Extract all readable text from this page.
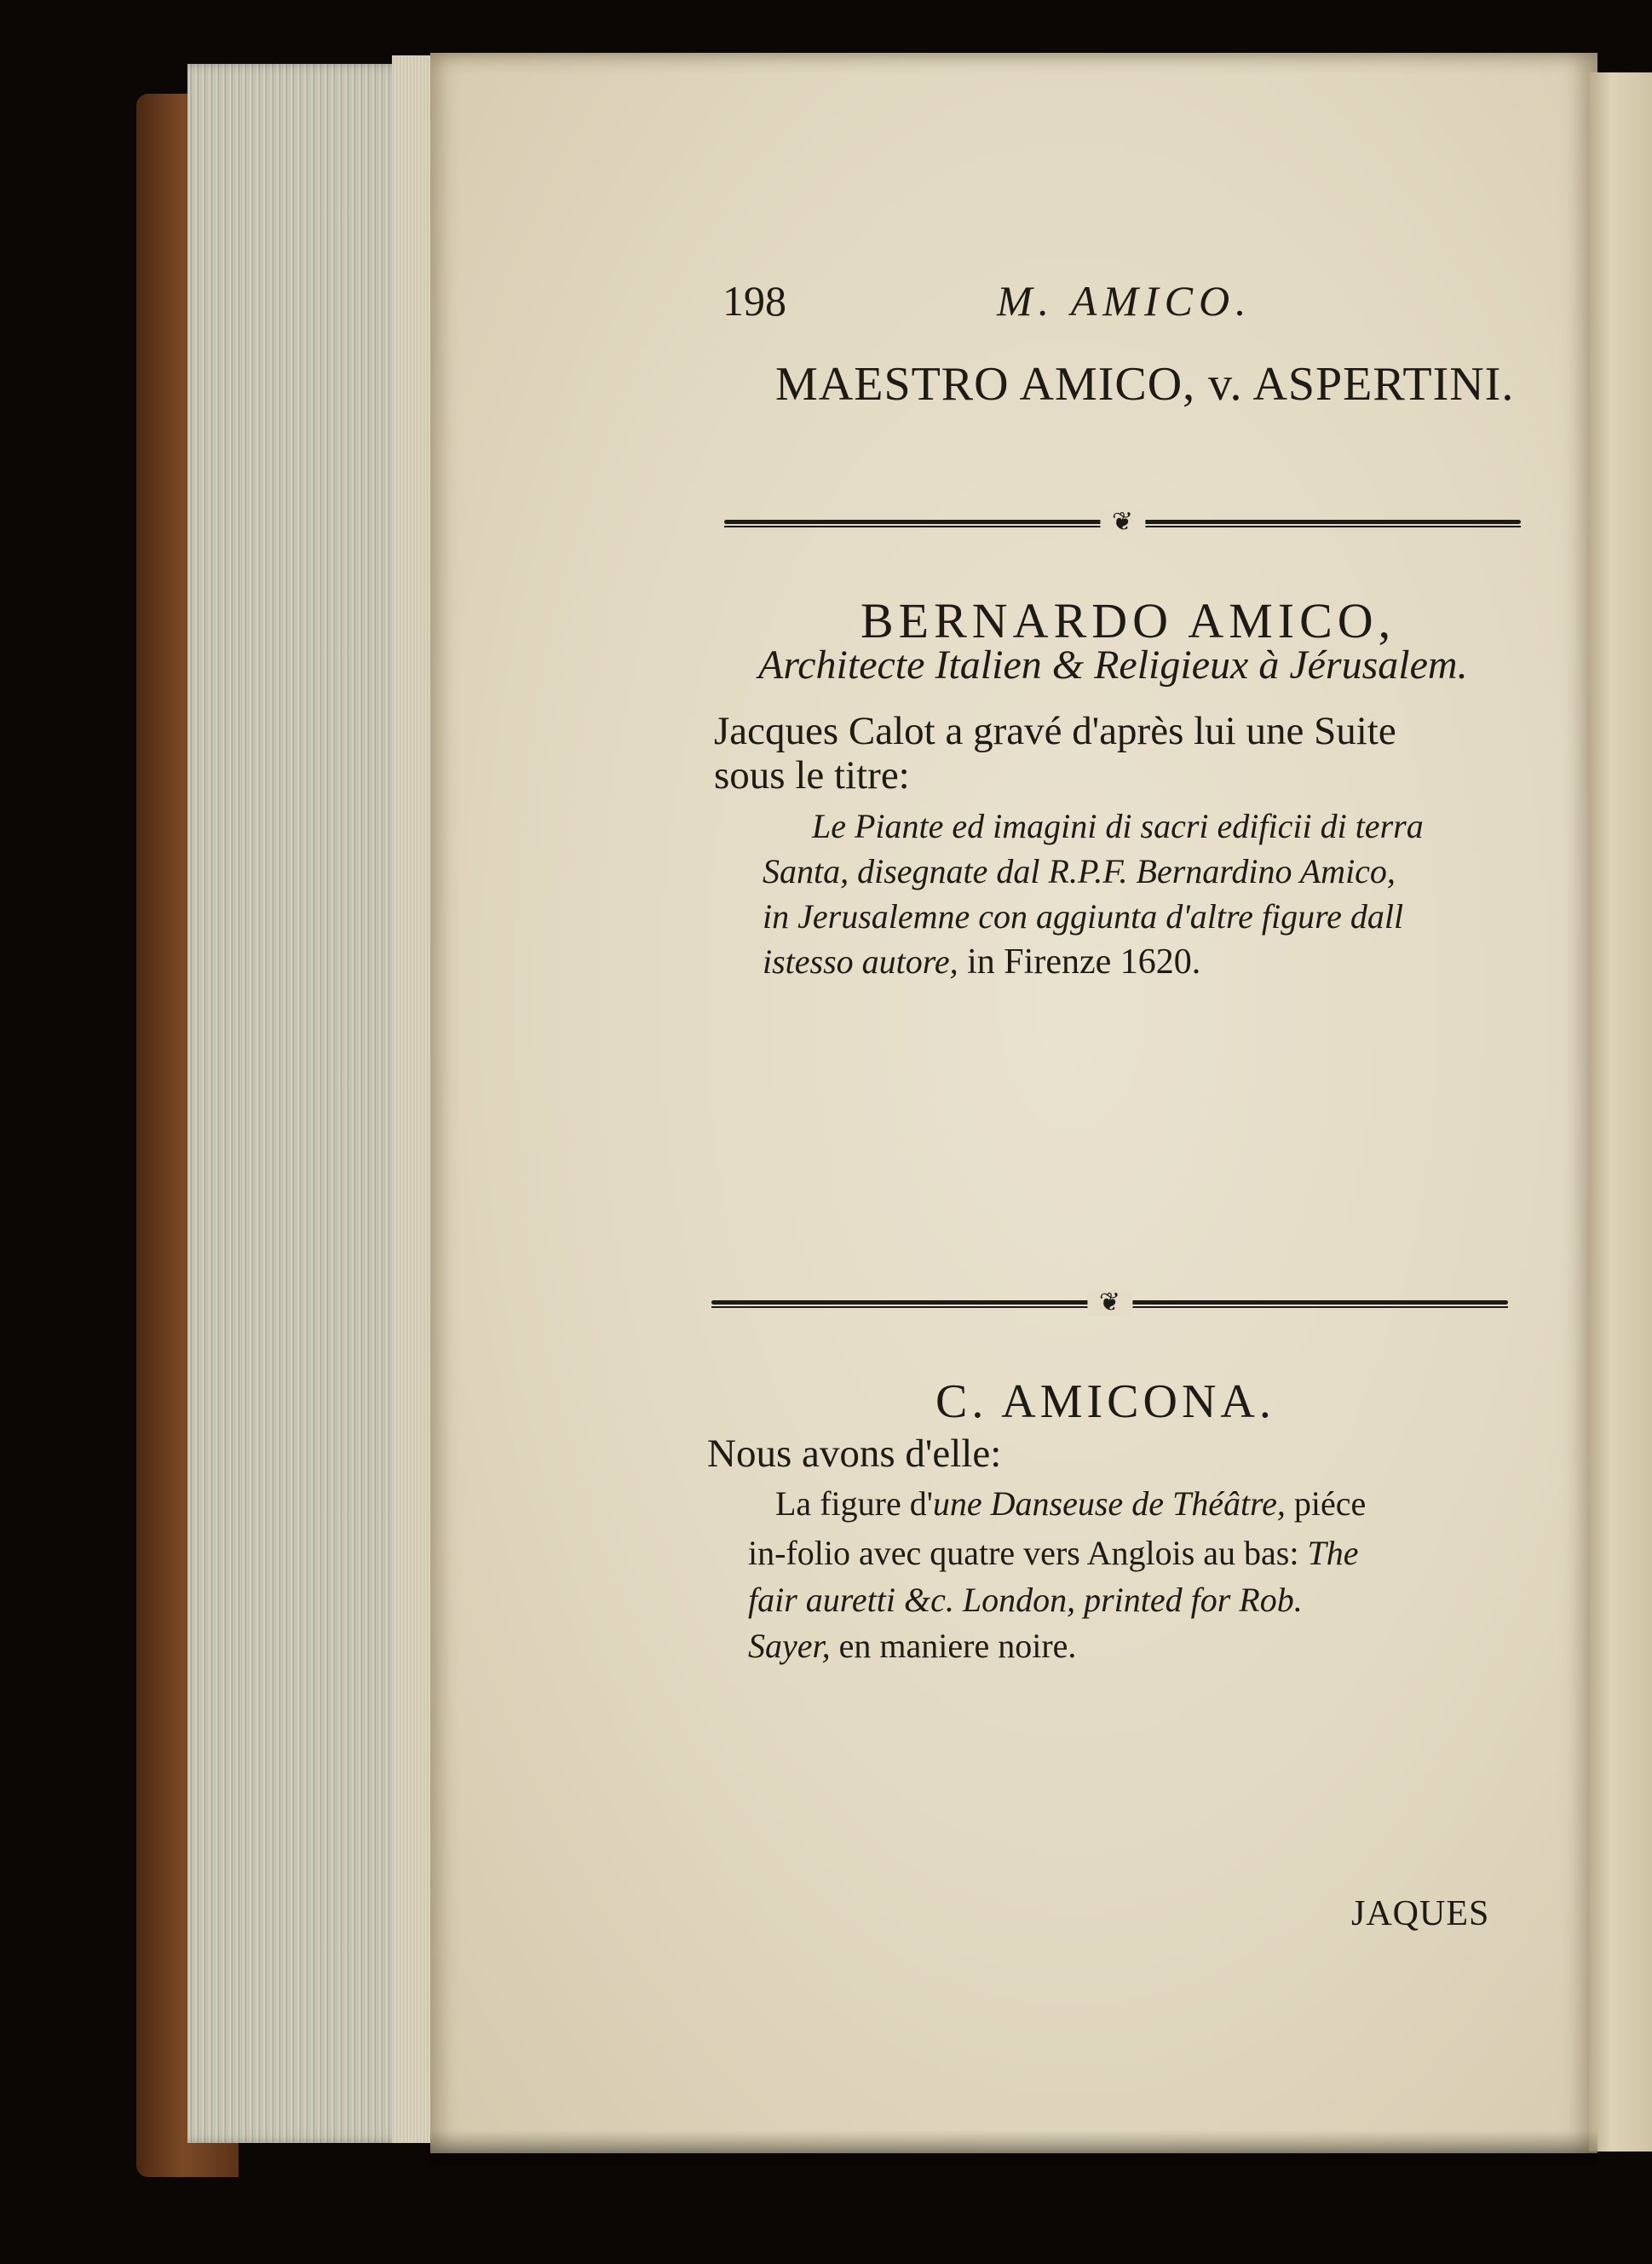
198	M. AMICO.

MAESTRO AMICO, v. ASPERTINI.

❦

BERNARDO AMICO,

Architecte Italien & Religieux à Jérusalem.

Jacques Calot a gravé d'après lui une Suite

sous le titre:

Le Piante ed imagini di sacri edificii di terra

Santa, disegnate dal R.P.F. Bernardino Amico,

in Jerusalemne con aggiunta d'altre figure dall

istesso autore, in Firenze 1620.

❦

C. AMICONA.

Nous avons d'elle:

La figure d'une Danseuse de Théâtre, piéce

in-folio avec quatre vers Anglois au bas: The

fair auretti &c. London, printed for Rob.

Sayer, en maniere noire.

JAQUES
